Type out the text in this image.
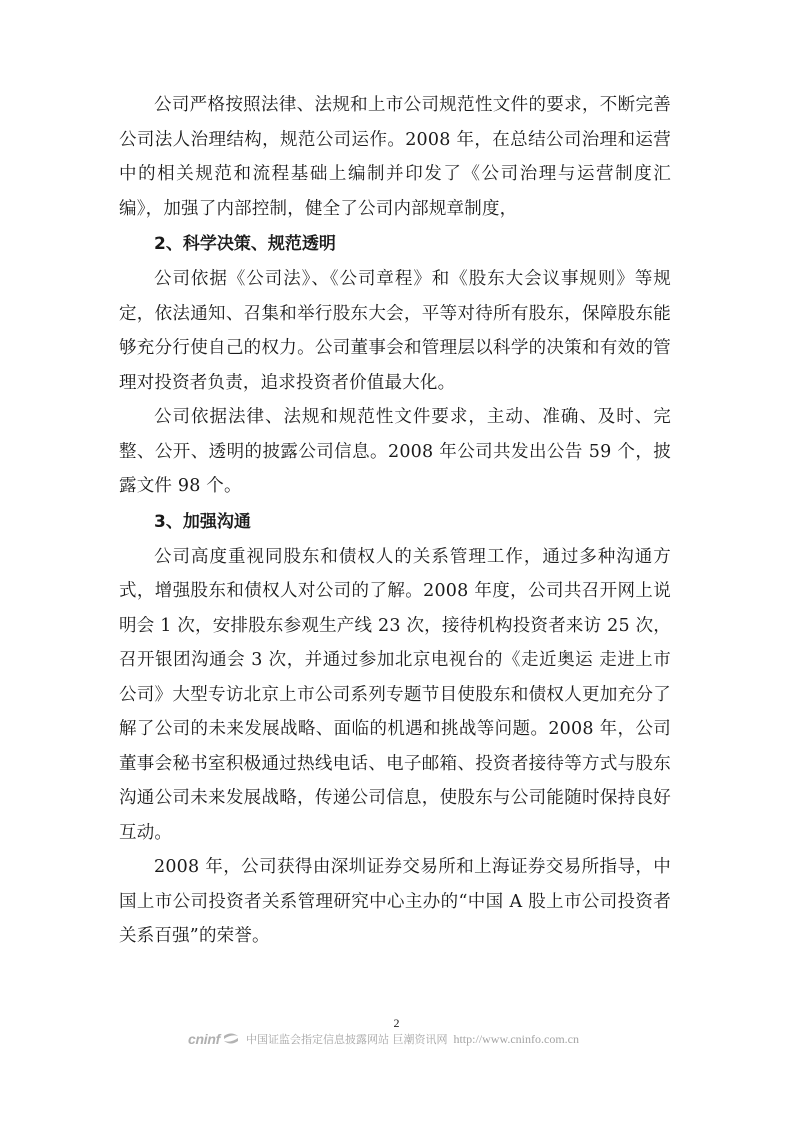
公司严格按照法律、法规和上市公司规范性文件的要求，不断完善公司法人治理结构，规范公司运作。2008 年，在总结公司治理和运营中的相关规范和流程基础上编制并印发了《公司治理与运营制度汇编》，加强了内部控制，健全了公司内部规章制度，

2、科学决策、规范透明

公司依据《公司法》、《公司章程》和《股东大会议事规则》等规定，依法通知、召集和举行股东大会，平等对待所有股东，保障股东能够充分行使自己的权力。公司董事会和管理层以科学的决策和有效的管理对投资者负责，追求投资者价值最大化。

公司依据法律、法规和规范性文件要求，主动、准确、及时、完整、公开、透明的披露公司信息。2008 年公司共发出公告 59 个，披露文件 98 个。

3、加强沟通

公司高度重视同股东和债权人的关系管理工作，通过多种沟通方式，增强股东和债权人对公司的了解。2008 年度，公司共召开网上说明会 1 次，安排股东参观生产线 23 次，接待机构投资者来访 25 次，召开银团沟通会 3 次，并通过参加北京电视台的《走近奥运 走进上市公司》大型专访北京上市公司系列专题节目使股东和债权人更加充分了解了公司的未来发展战略、面临的机遇和挑战等问题。2008 年，公司董事会秘书室积极通过热线电话、电子邮箱、投资者接待等方式与股东沟通公司未来发展战略，传递公司信息，使股东与公司能随时保持良好互动。

2008 年，公司获得由深圳证券交易所和上海证券交易所指导，中国上市公司投资者关系管理研究中心主办的“中国 A 股上市公司投资者关系百强”的荣誉。

2
cninf 中国证监会指定信息披露网站 巨潮资讯网 http://www.cninfo.com.cn
